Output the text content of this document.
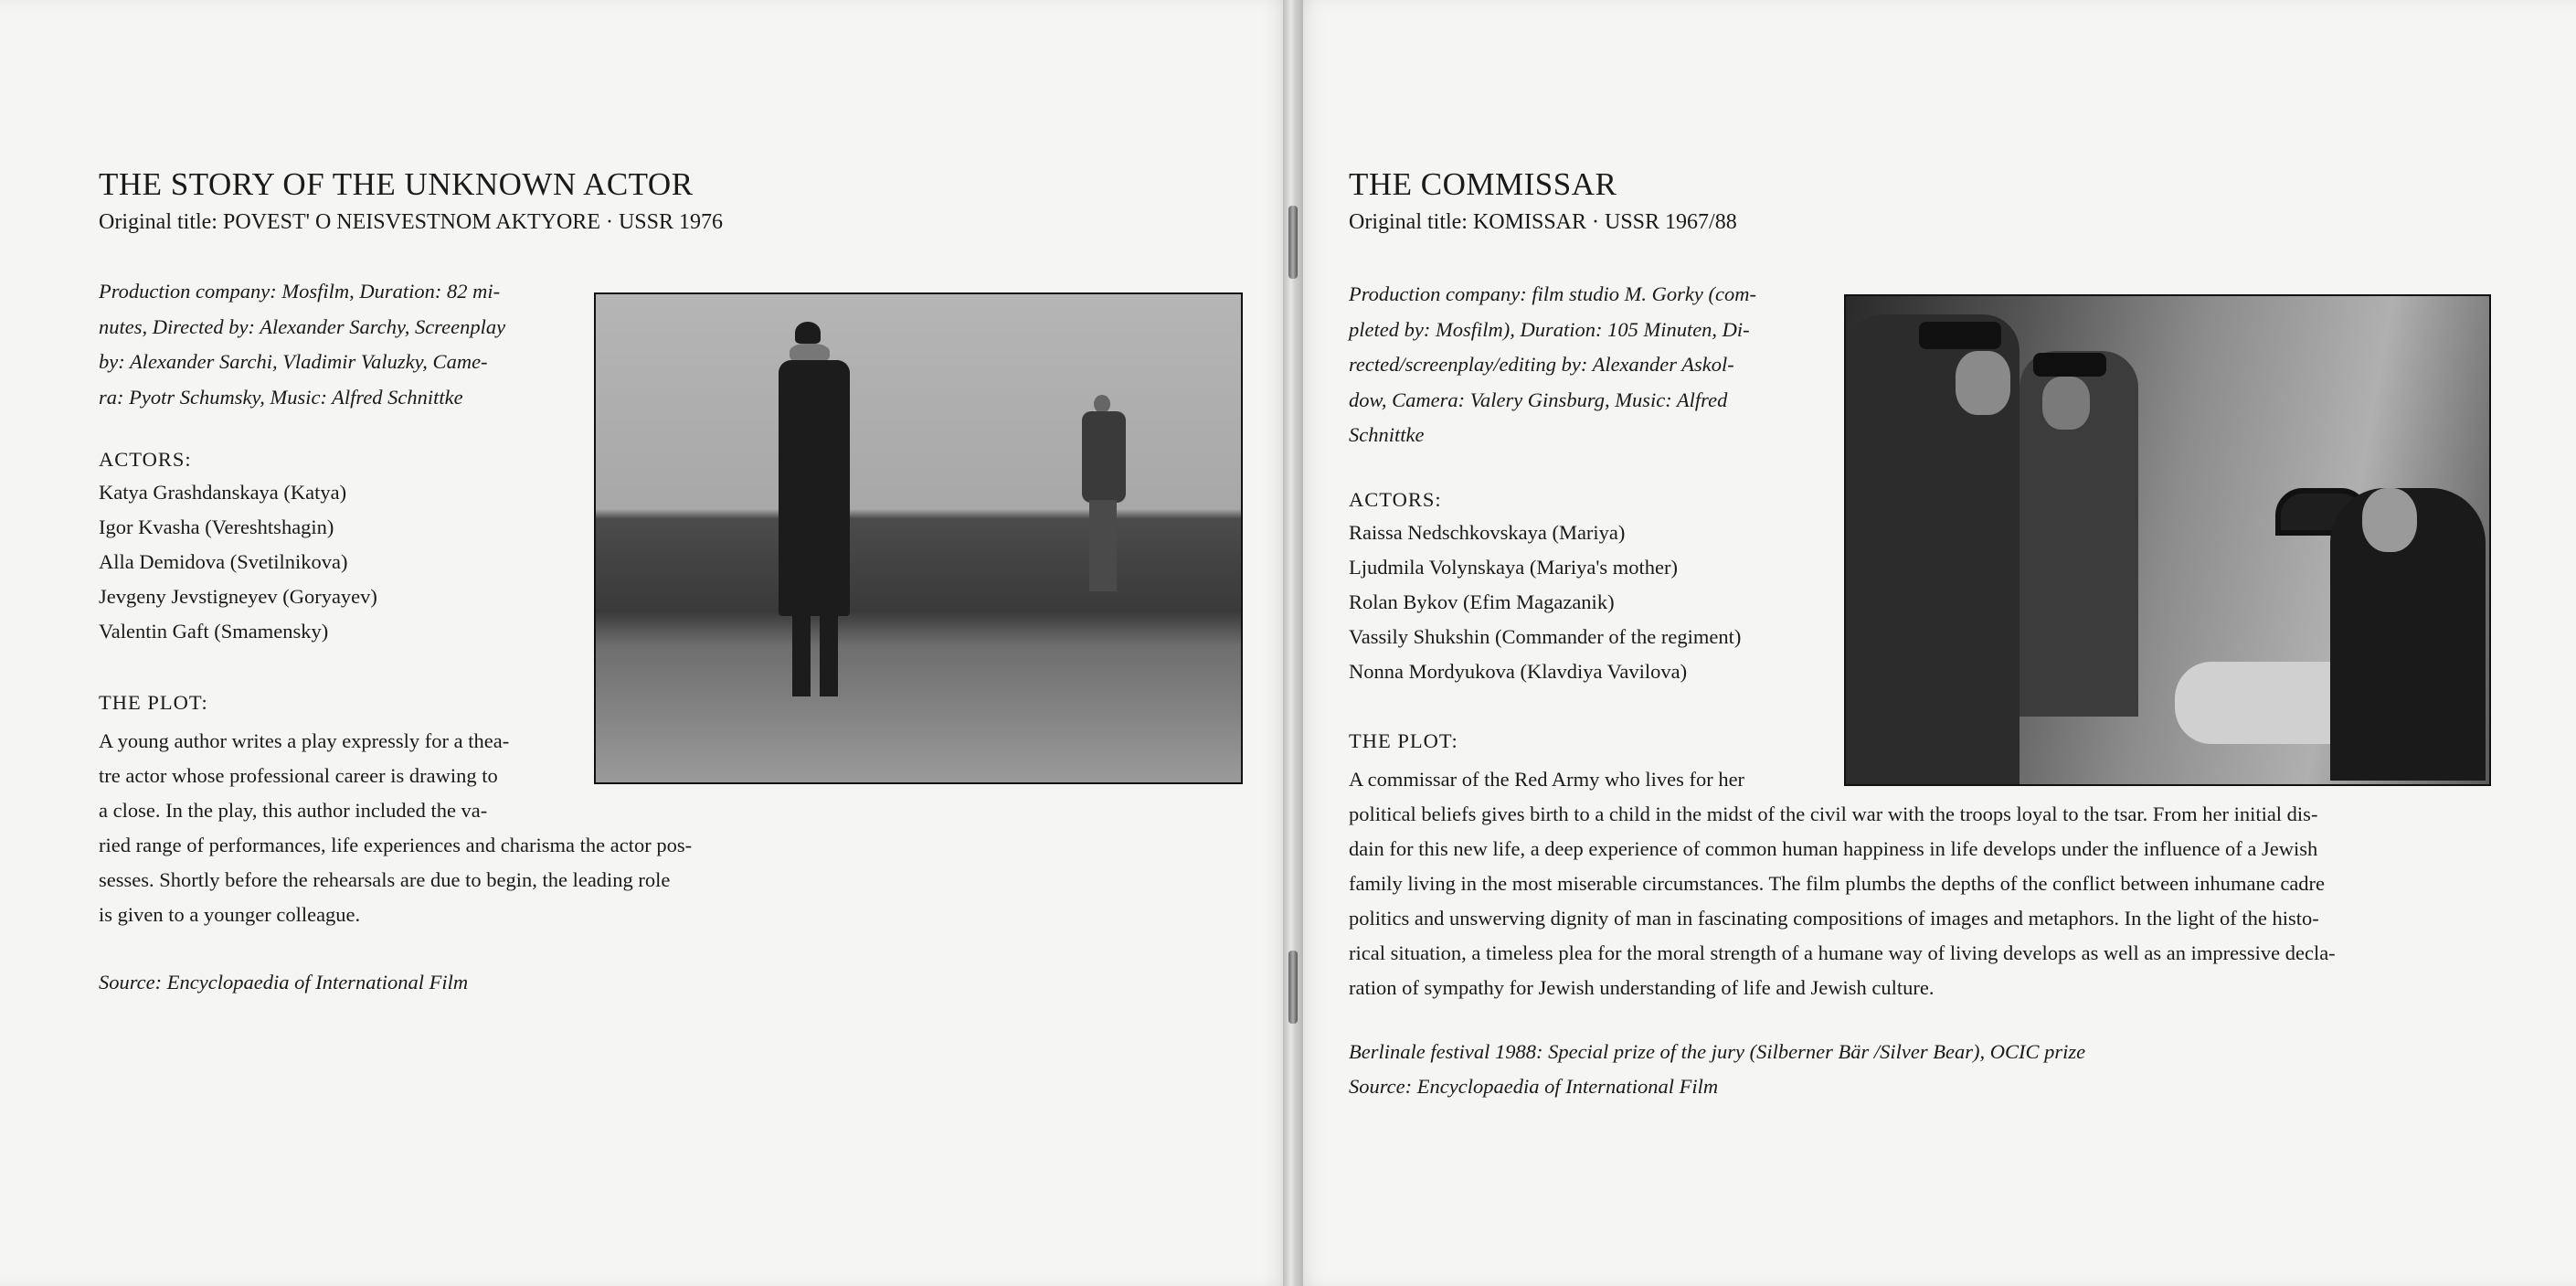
THE STORY OF THE UNKNOWN ACTOR
Original title: POVEST' O NEISVESTNOM AKTYORE · USSR 1976
Production company: Mosfilm, Duration: 82 mi-
nutes, Directed by: Alexander Sarchy, Screenplay
by: Alexander Sarchi, Vladimir Valuzky, Came-
ra: Pyotr Schumsky, Music: Alfred Schnittke

ACTORS:

Katya Grashdanskaya (Katya)

Igor Kvasha (Vereshtshagin)

Alla Demidova (Svetilnikova)

Jevgeny Jevstigneyev (Goryayev)

Valentin Gaft (Smamensky)

THE PLOT:

A young author writes a play expressly for a thea-

tre actor whose professional career is drawing to

a close. In the play, this author included the va-

ried range of performances, life experiences and charisma the actor pos-

sesses. Shortly before the rehearsals are due to begin, the leading role

is given to a younger colleague.

Source: Encyclopaedia of International Film
THE COMMISSAR
Original title: KOMISSAR · USSR 1967/88
Production company: film studio M. Gorky (com-
pleted by: Mosfilm), Duration: 105 Minuten, Di-
rected/screenplay/editing by: Alexander Askol-
dow, Camera: Valery Ginsburg, Music: Alfred
Schnittke

ACTORS:

Raissa Nedschkovskaya (Mariya)

Ljudmila Volynskaya (Mariya's mother)

Rolan Bykov (Efim Magazanik)

Vassily Shukshin (Commander of the regiment)

Nonna Mordyukova (Klavdiya Vavilova)

THE PLOT:

A commissar of the Red Army who lives for her

political beliefs gives birth to a child in the midst of the civil war with the troops loyal to the tsar. From her initial dis-

dain for this new life, a deep experience of common human happiness in life develops under the influence of a Jewish

family living in the most miserable circumstances. The film plumbs the depths of the conflict between inhumane cadre

politics and unswerving dignity of man in fascinating compositions of images and metaphors. In the light of the histo-

rical situation, a timeless plea for the moral strength of a humane way of living develops as well as an impressive decla-

ration of sympathy for Jewish understanding of life and Jewish culture.

Berlinale festival 1988: Special prize of the jury (Silberner Bär /Silver Bear), OCIC prize
Source: Encyclopaedia of International Film
